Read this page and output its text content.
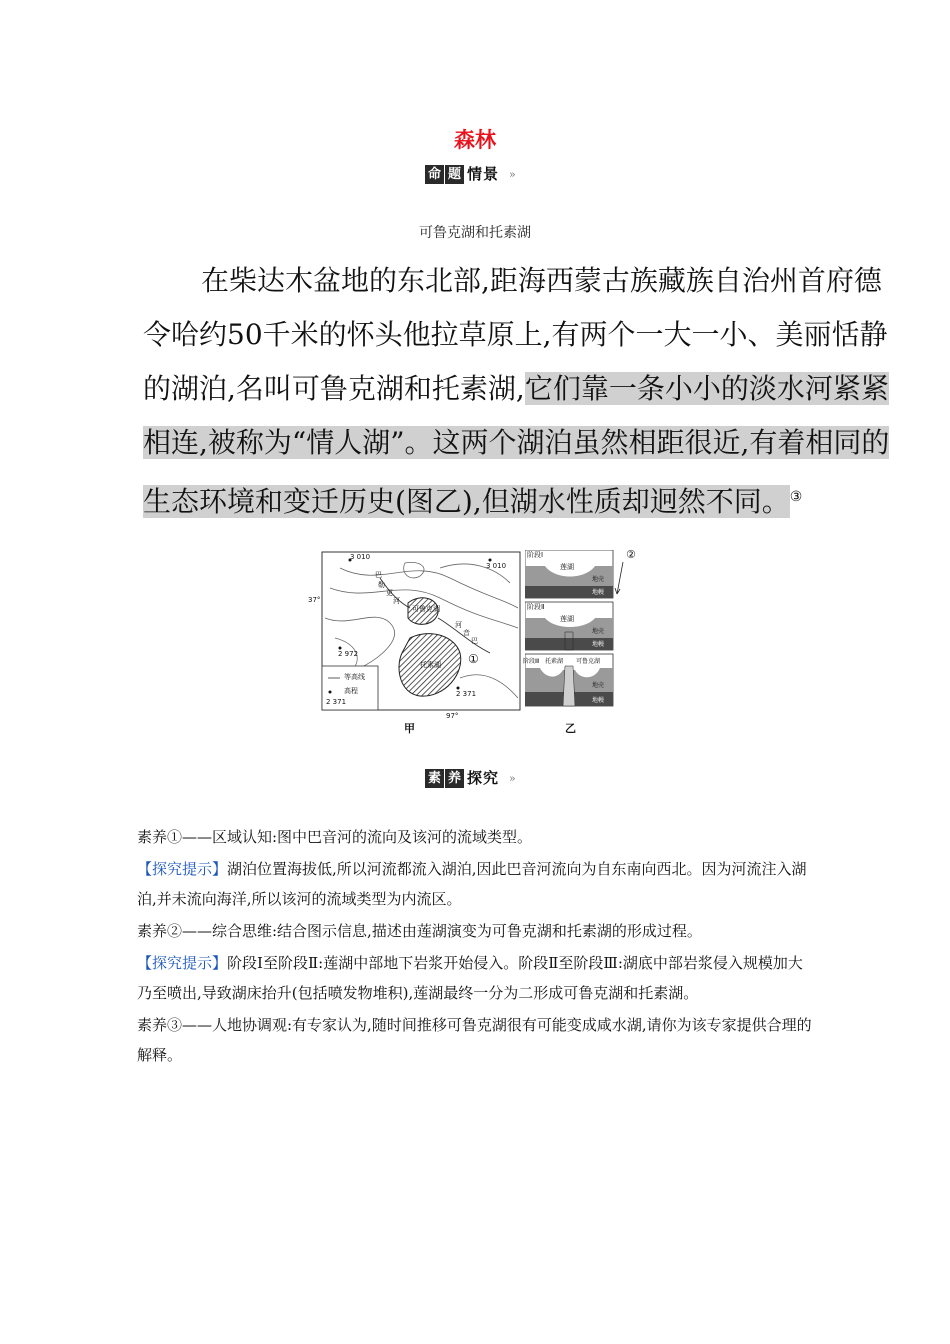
森林
命 题 情景 »
可鲁克湖和托素湖

在柴达木盆地的东北部,距海西蒙古族藏族自治州首府德令哈约50千米的怀头他拉草原上,有两个一大一小、美丽恬静的湖泊,名叫可鲁克湖和托素湖,它们靠一条小小的淡水河紧紧相连,被称为“情人湖”。这两个湖泊虽然相距很近,有着相同的生态环境和变迁历史(图乙),但湖水性质却迥然不同。③

3 010
3 010
2 972
2 371
37°
97°
可鲁克湖
托素湖
巴
勒
更
河
河
音
巴
①
等高线
高程
2 371
甲
阶段Ⅰ
莲湖
地壳
地幔
②
阶段Ⅱ
莲湖
地壳
地幔
阶段Ⅲ 托素湖 可鲁克湖
地壳
地幔
乙
素 养 探究 »
素养①——区域认知:图中巴音河的流向及该河的流域类型。
【探究提示】湖泊位置海拔低,所以河流都流入湖泊,因此巴音河流向为自东南向西北。因为河流注入湖泊,并未流向海洋,所以该河的流域类型为内流区。
素养②——综合思维:结合图示信息,描述由莲湖演变为可鲁克湖和托素湖的形成过程。
【探究提示】阶段Ⅰ至阶段Ⅱ:莲湖中部地下岩浆开始侵入。阶段Ⅱ至阶段Ⅲ:湖底中部岩浆侵入规模加大乃至喷出,导致湖床抬升(包括喷发物堆积),莲湖最终一分为二形成可鲁克湖和托素湖。
素养③——人地协调观:有专家认为,随时间推移可鲁克湖很有可能变成咸水湖,请你为该专家提供合理的解释。
